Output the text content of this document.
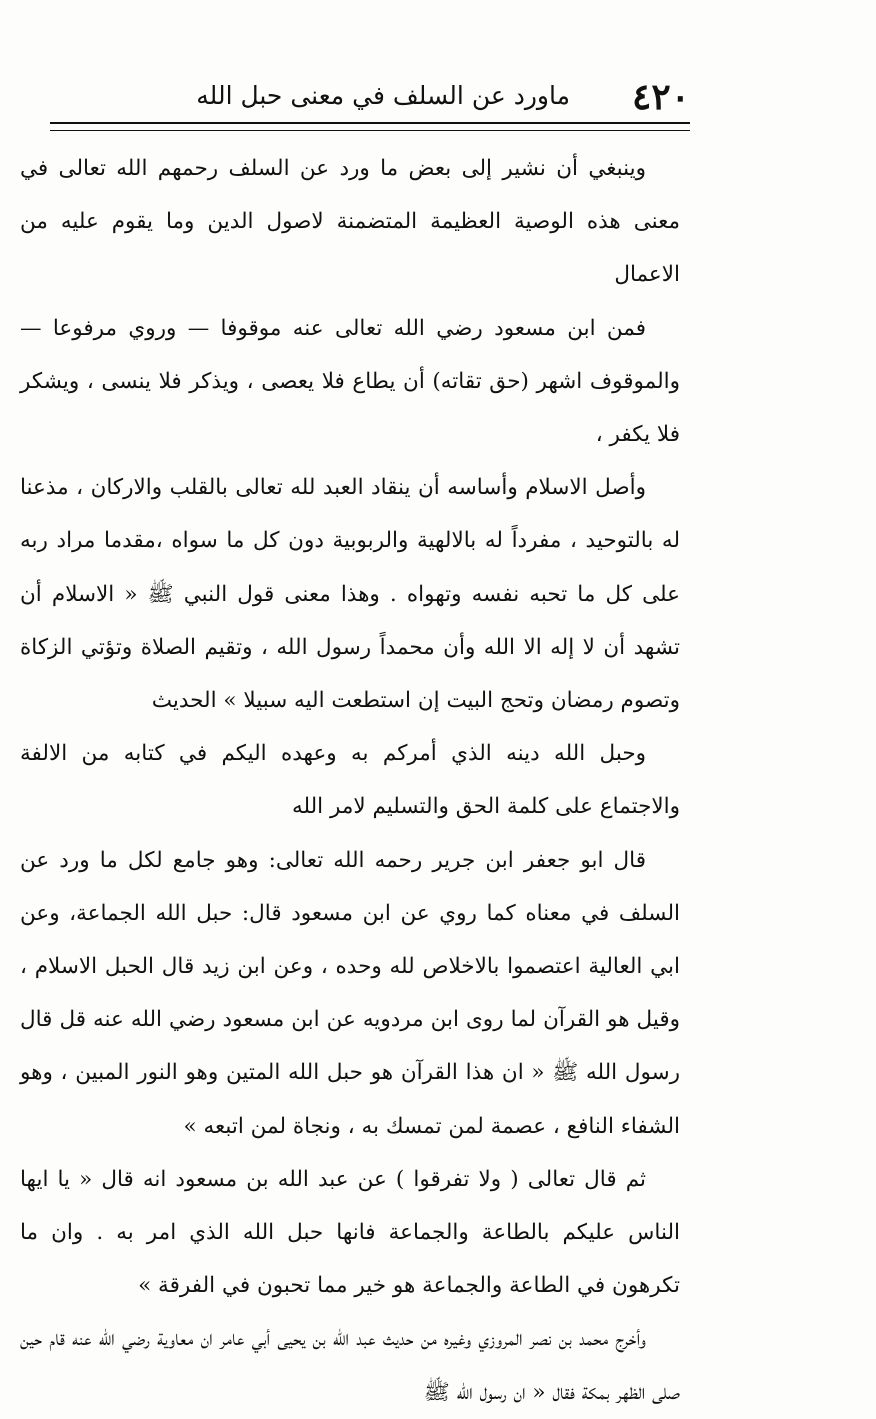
٤٢٠
ماورد عن السلف في معنى حبل الله

وينبغي أن نشير إلى بعض ما ورد عن السلف رحمهم الله تعالى في معنى هذه الوصية العظيمة المتضمنة لاصول الدين وما يقوم عليه من الاعمال

فمن ابن مسعود رضي الله تعالى عنه موقوفا — وروي مرفوعا — والموقوف اشهر (حق تقاته) أن يطاع فلا يعصى ، ويذكر فلا ينسى ، ويشكر فلا يكفر ،

وأصل الاسلام وأساسه أن ينقاد العبد لله تعالى بالقلب والاركان ، مذعنا له بالتوحيد ، مفرداً له بالالهية والربوبية دون كل ما سواه ،مقدما مراد ربه على كل ما تحبه نفسه وتهواه . وهذا معنى قول النبي ﷺ « الاسلام أن تشهد أن لا إله الا الله وأن محمداً رسول الله ، وتقيم الصلاة وتؤتي الزكاة وتصوم رمضان وتحج البيت إن استطعت اليه سبيلا » الحديث

وحبل الله دينه الذي أمركم به وعهده اليكم في كتابه من الالفة والاجتماع على كلمة الحق والتسليم لامر الله

قال ابو جعفر ابن جرير رحمه الله تعالى: وهو جامع لكل ما ورد عن السلف في معناه كما روي عن ابن مسعود قال: حبل الله الجماعة، وعن ابي العالية اعتصموا بالاخلاص لله وحده ، وعن ابن زيد قال الحبل الاسلام ، وقيل هو القرآن لما روى ابن مردويه عن ابن مسعود رضي الله عنه قل قال رسول الله ﷺ « ان هذا القرآن هو حبل الله المتين وهو النور المبين ، وهو الشفاء النافع ، عصمة لمن تمسك به ، ونجاة لمن اتبعه »

ثم قال تعالى ( ولا تفرقوا ) عن عبد الله بن مسعود انه قال « يا ايها الناس عليكم بالطاعة والجماعة فانها حبل الله الذي امر به . وان ما تكرهون في الطاعة والجماعة هو خير مما تحبون في الفرقة »

وأخرج محمد بن نصر المروزي وغيره من حديث عبد الله بن يحيى أبي عامر ان معاوية رضي الله عنه قام حين صلى الظهر بمكة فقال « ان رسول الله ﷺ
